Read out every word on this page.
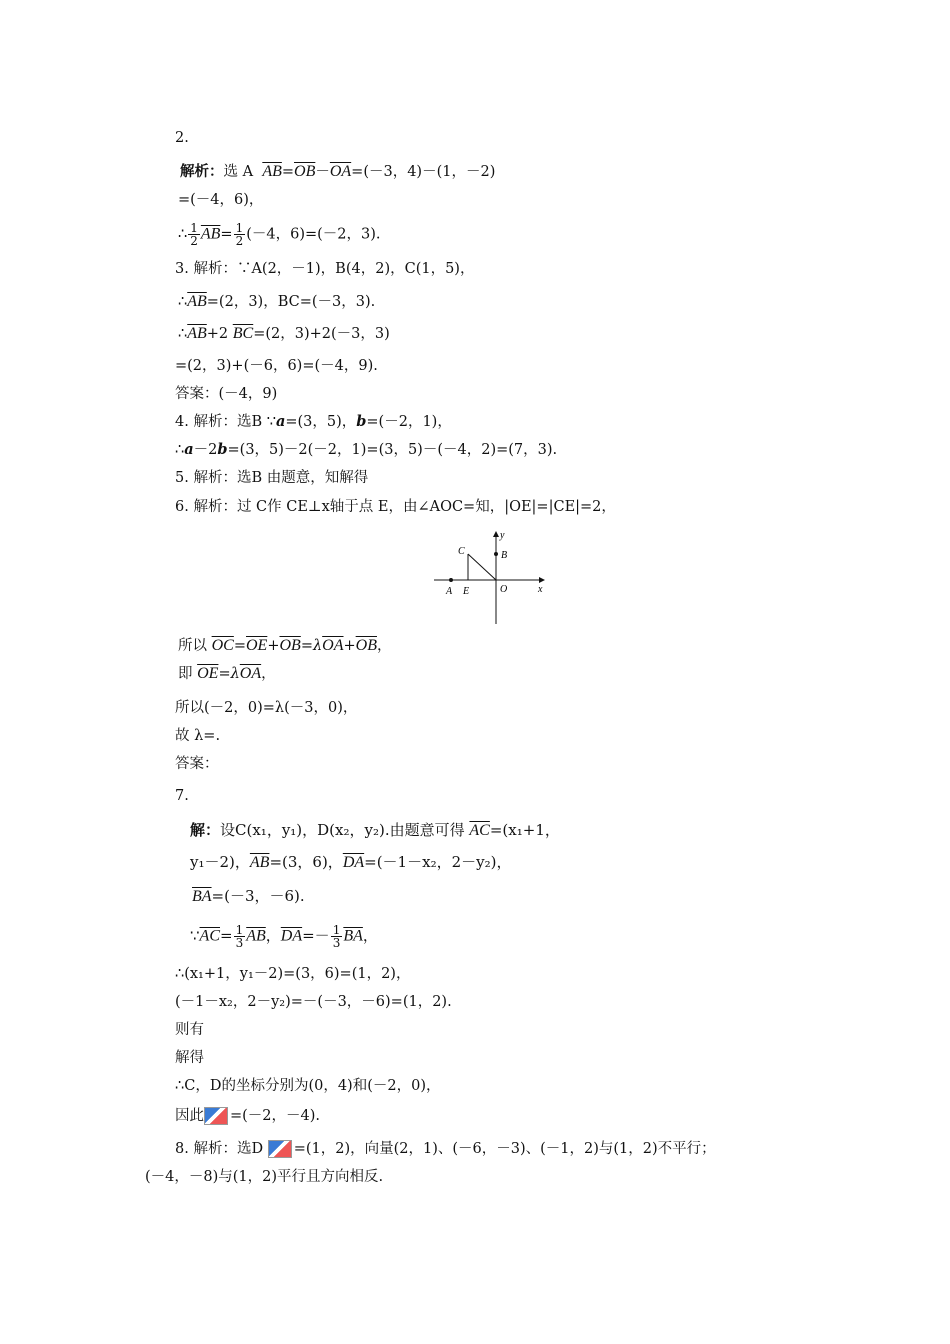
2.
解析：选 A $\overline{AB}=\overline{OB}-\overline{OA}=(-3$，4)－(1，－2)
=(－4，6)，
∴ $\frac{1}{2} \overline{AB}= \frac{1}{2} (-4$，6)=(－2，3).
3. 解析：∵A(2，－1)，B(4，2)，C(1，5)，
$\therefore\overline{AB}=(2$，3)，BC=(－3，3).
$\therefore\overline{AB}+2$ $\overline{BC}=(2$，3)+2(－3，3)
=(2，3)+(－6，6)=(－4，9).
答案：(－4，9)
4. 解析：选B ∵a=(3，5)，b=(－2，1)，
∴a－2b=(3，5)－2(－2，1)=(3，5)－(－4，2)=(7，3).
5. 解析：选B 由题意，知解得
6. 解析：过 C作 CE⊥x轴于点 E，由∠AOC=知，|OE|=|CE|=2，
A E	O	x
y
B
C
所以 $\overline{OC}=\overline{OE}+\overline{OB}=\lambda\overline{OA}+\overline{OB}$，
即 $\overline{OE}=\lambda\overline{OA}$，
所以(－2，0)=λ(－3，0)，
故 λ=.
答案：
7.
解：设C(x₁，y₁)，D(x₂，y₂).由题意可得 $\overline{AC}=(x_1+1$，
y₁－2)，$\overline{AB}=(3$，6)，$\overline{DA}=(-1-x_2$，2－y₂)，
$\overline{BA}=(-3$，－6).
$\because\overline{AC}= \frac{1}{3} \overline{AB}$，$\overline{DA}=- \frac{1}{3} \overline{BA}$，
∴(x₁+1，y₁－2)=(3，6)=(1，2)，
(－1－x₂，2－y₂)=－(－3，－6)=(1，2).
则有
解得
∴C，D的坐标分别为(0，4)和(－2，0)，
因此 =(－2，－4).
8. 解析：选D =(1，2)，向量(2，1)、(－6，－3)、(－1，2)与(1，2)不平行；
(－4，－8)与(1，2)平行且方向相反.
